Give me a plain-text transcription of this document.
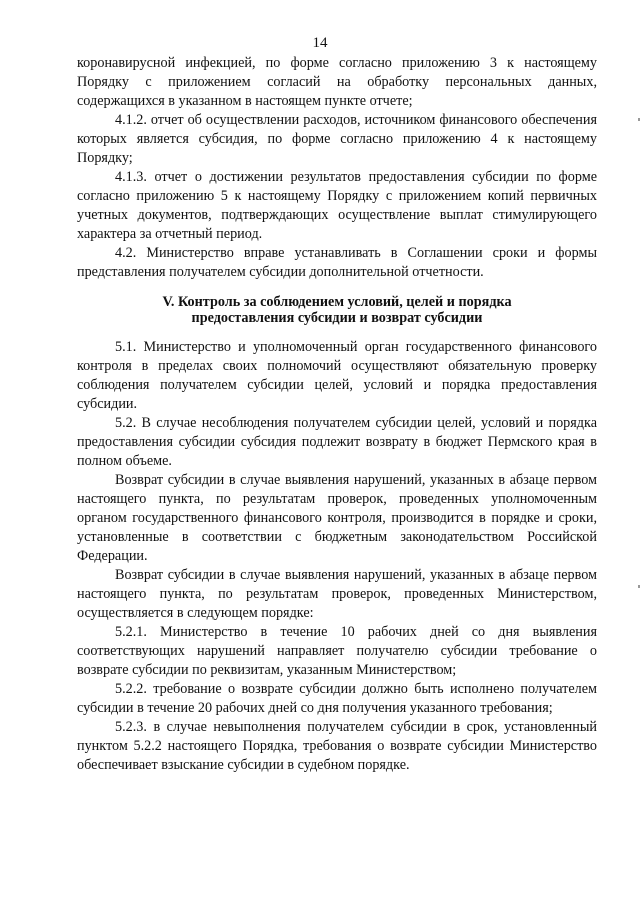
14

коронавирусной инфекцией, по форме согласно приложению 3 к настоящему Порядку с приложением согласий на обработку персональных данных, содержащихся в указанном в настоящем пункте отчете;

4.1.2. отчет об осуществлении расходов, источником финансового обеспечения которых является субсидия, по форме согласно приложению 4 к настоящему Порядку;

4.1.3. отчет о достижении результатов предоставления субсидии по форме согласно приложению 5 к настоящему Порядку с приложением копий первичных учетных документов, подтверждающих осуществление выплат стимулирующего характера за отчетный период.

4.2. Министерство вправе устанавливать в Соглашении сроки и формы представления получателем субсидии дополнительной отчетности.

V. Контроль за соблюдением условий, целей и порядка
предоставления субсидии и возврат субсидии

5.1. Министерство и уполномоченный орган государственного финансового контроля в пределах своих полномочий осуществляют обязательную проверку соблюдения получателем субсидии целей, условий и порядка предоставления субсидии.

5.2. В случае несоблюдения получателем субсидии целей, условий и порядка предоставления субсидии субсидия подлежит возврату в бюджет Пермского края в полном объеме.

Возврат субсидии в случае выявления нарушений, указанных в абзаце первом настоящего пункта, по результатам проверок, проведенных уполномоченным органом государственного финансового контроля, производится в порядке и сроки, установленные в соответствии с бюджетным законодательством Российской Федерации.

Возврат субсидии в случае выявления нарушений, указанных в абзаце первом настоящего пункта, по результатам проверок, проведенных Министерством, осуществляется в следующем порядке:

5.2.1. Министерство в течение 10 рабочих дней со дня выявления соответствующих нарушений направляет получателю субсидии требование о возврате субсидии по реквизитам, указанным Министерством;

5.2.2. требование о возврате субсидии должно быть исполнено получателем субсидии в течение 20 рабочих дней со дня получения указанного требования;

5.2.3. в случае невыполнения получателем субсидии в срок, установленный пунктом 5.2.2 настоящего Порядка, требования о возврате субсидии Министерство обеспечивает взыскание субсидии в судебном порядке.
